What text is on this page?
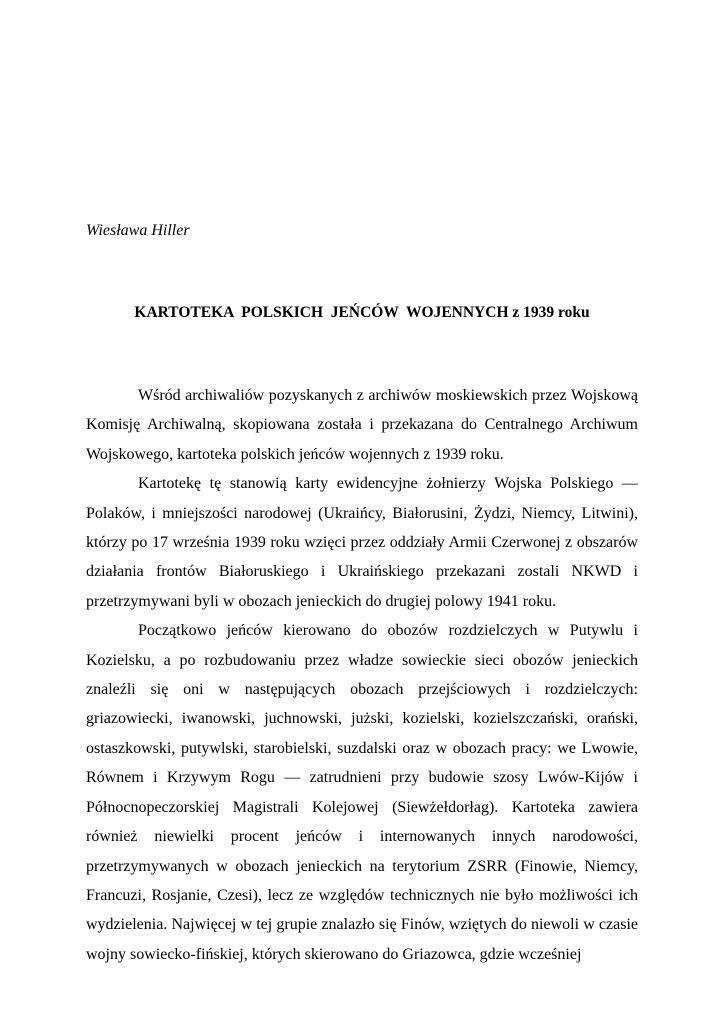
Wiesława Hiller
KARTOTEKA  POLSKICH  JEŃCÓW  WOJENNYCH z 1939 roku

Wśród archiwaliów pozyskanych z archiwów moskiewskich przez Wojskową Komisję Archiwalną, skopiowana została i przekazana do Centralnego Archiwum Wojskowego, kartoteka polskich jeńców wojennych z 1939 roku.

Kartotekę tę stanowią karty ewidencyjne żołnierzy Wojska Polskiego — Polaków, i mniejszości narodowej (Ukraińcy, Białorusini, Żydzi, Niemcy, Litwini), którzy po 17 września 1939 roku wzięci przez oddziały Armii Czerwonej z obszarów działania frontów Białoruskiego i Ukraińskiego przekazani zostali NKWD i przetrzymywani byli w obozach jenieckich do drugiej polowy 1941 roku.

Początkowo jeńców kierowano do obozów rozdzielczych w Putywlu i Kozielsku, a po rozbudowaniu przez władze sowieckie sieci obozów jenieckich znaleźli się oni w następujących obozach przejściowych i rozdzielczych: griazowiecki, iwanowski, juchnowski, jużski, kozielski, kozielszczański, orański, ostaszkowski, putywlski, starobielski, suzdalski oraz w obozach pracy: we Lwowie, Równem i Krzywym Rogu — zatrudnieni przy budowie szosy Lwów-Kijów i Północnopeczorskiej Magistrali Kolejowej (Siewżełdorłag). Kartoteka zawiera również niewielki procent jeńców i internowanych innych narodowości, przetrzymywanych w obozach jenieckich na terytorium ZSRR (Finowie, Niemcy, Francuzi, Rosjanie, Czesi), lecz ze względów technicznych nie było możliwości ich wydzielenia. Najwięcej w tej grupie znalazło się Finów, wziętych do niewoli w czasie wojny sowiecko-fińskiej, których skierowano do Griazowca, gdzie wcześniej
